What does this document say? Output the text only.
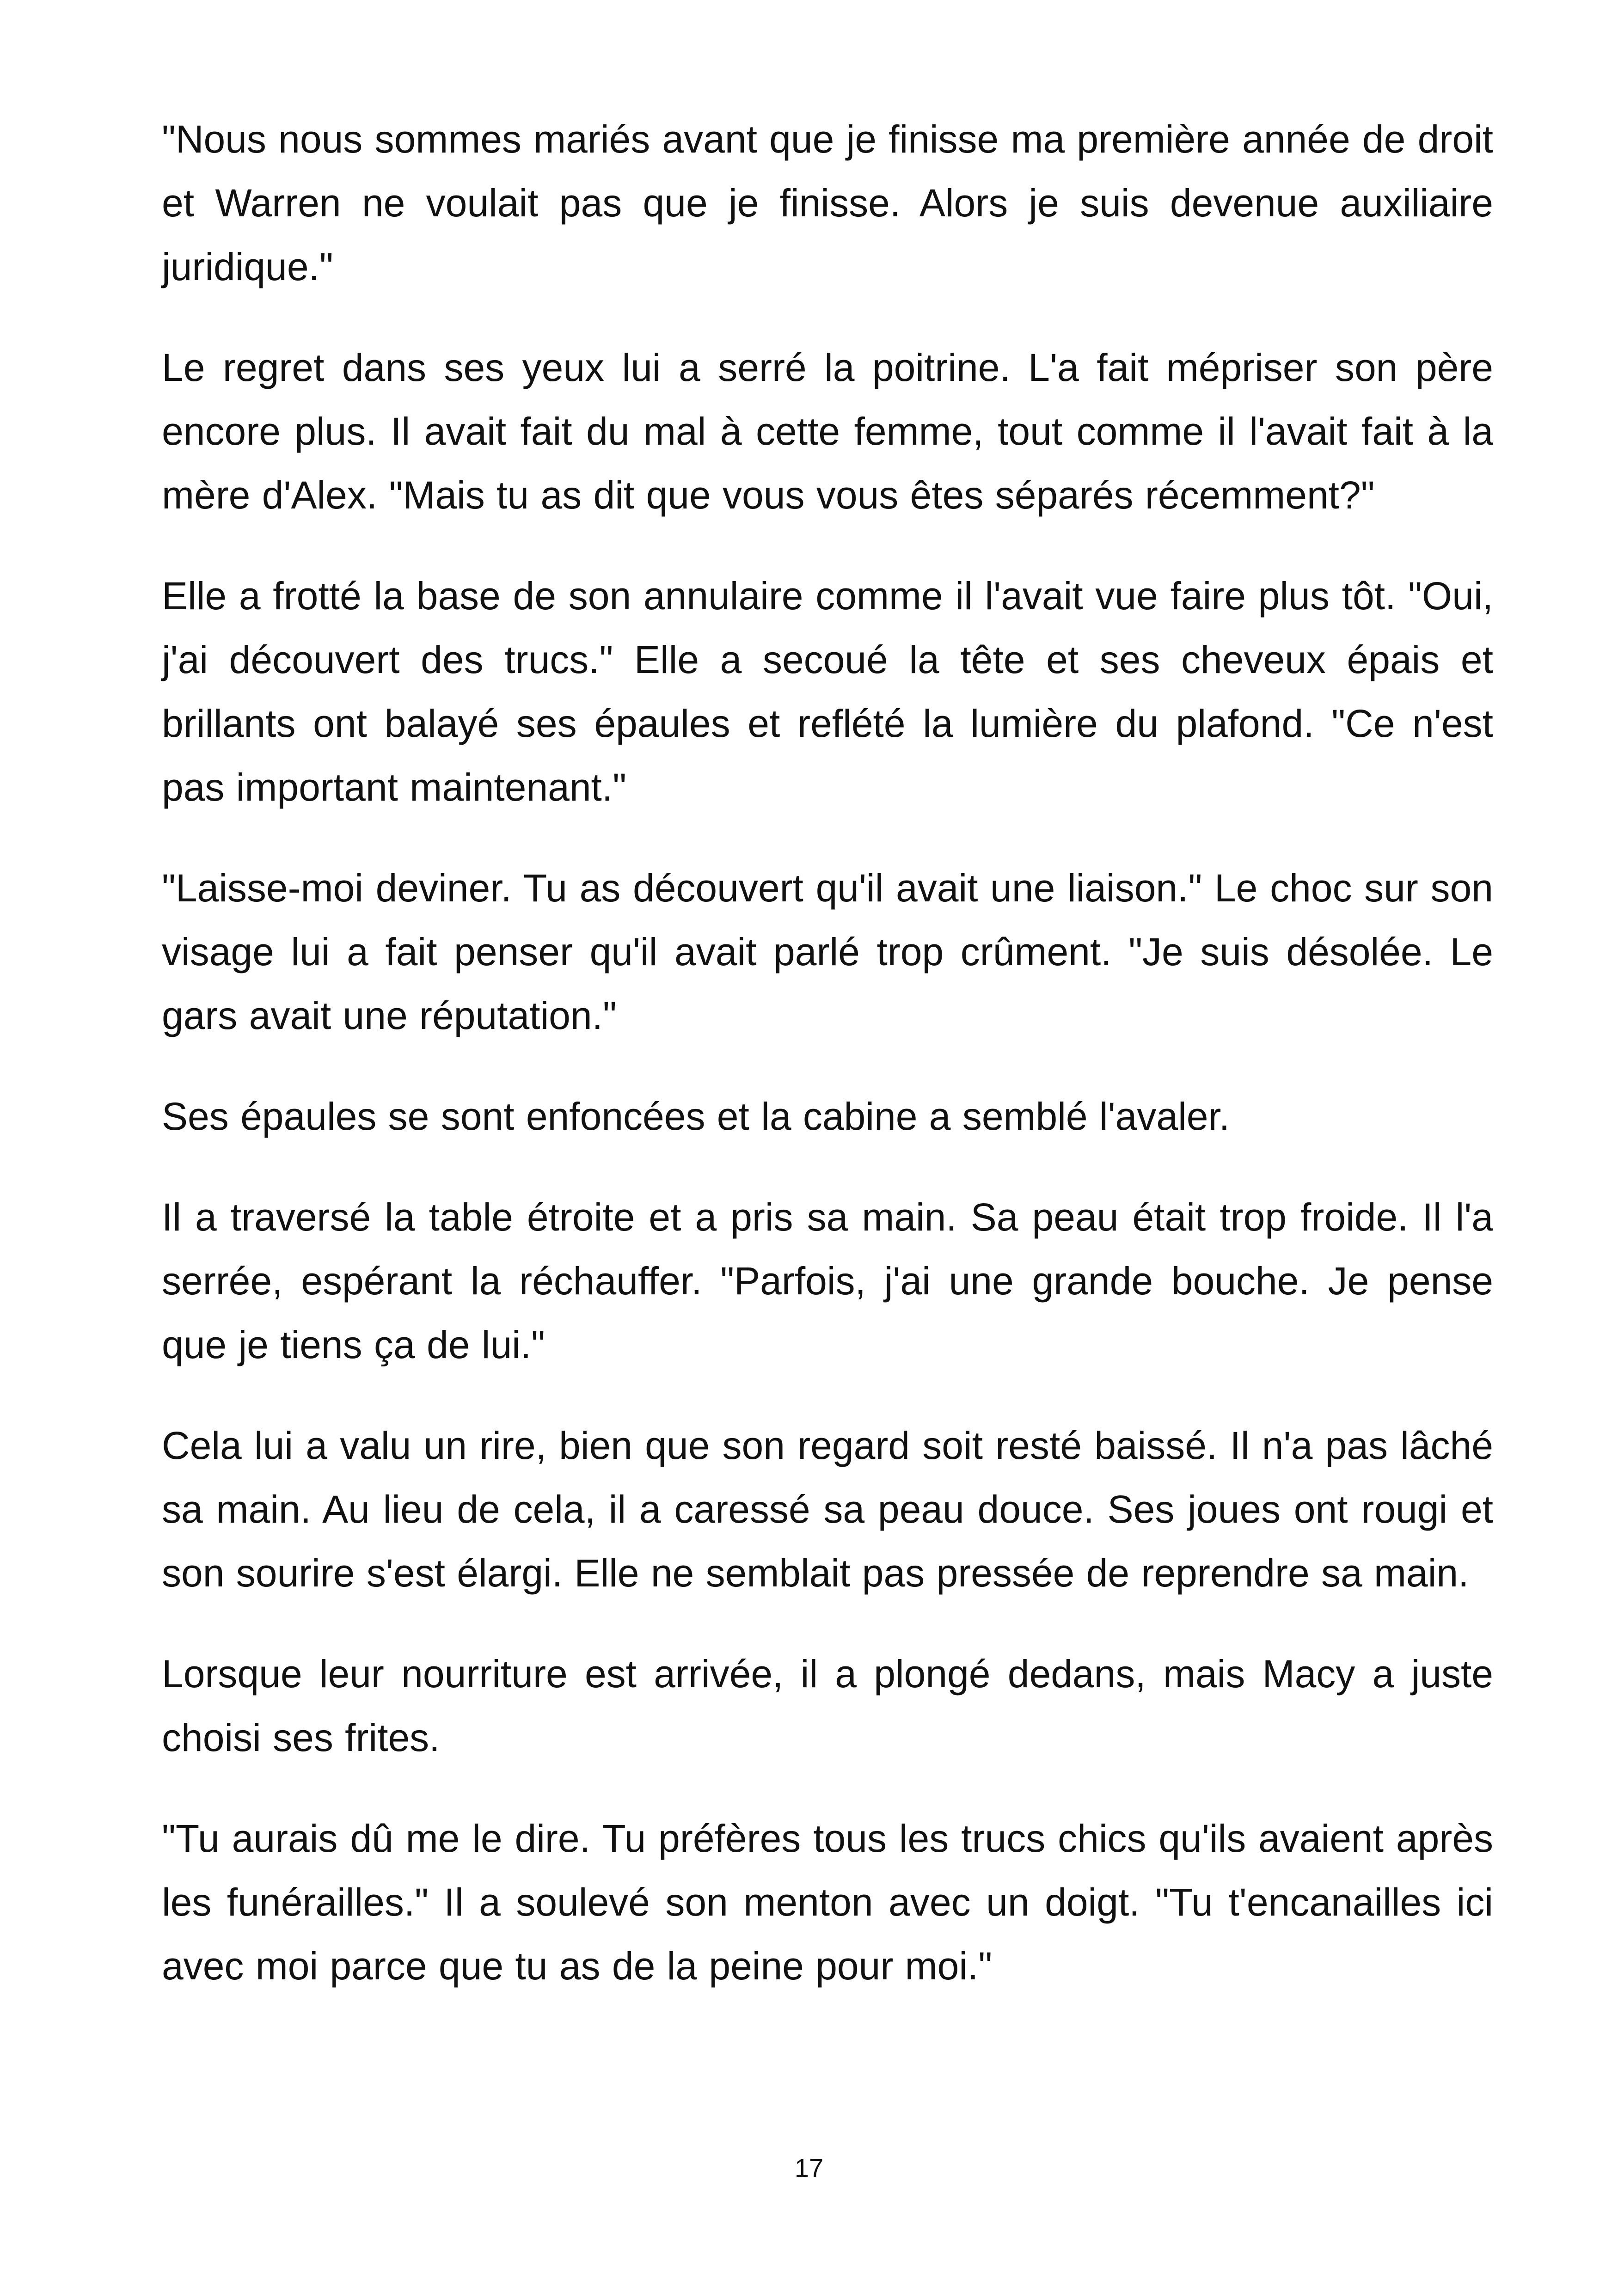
"Nous nous sommes mariés avant que je finisse ma première année de droit et Warren ne voulait pas que je finisse. Alors je suis devenue auxiliaire juridique."

Le regret dans ses yeux lui a serré la poitrine. L'a fait mépriser son père encore plus. Il avait fait du mal à cette femme, tout comme il l'avait fait à la mère d'Alex. "Mais tu as dit que vous vous êtes séparés récemment?"

Elle a frotté la base de son annulaire comme il l'avait vue faire plus tôt. "Oui, j'ai découvert des trucs." Elle a secoué la tête et ses cheveux épais et brillants ont balayé ses épaules et reflété la lumière du plafond. "Ce n'est pas important maintenant."

"Laisse-moi deviner. Tu as découvert qu'il avait une liaison." Le choc sur son visage lui a fait penser qu'il avait parlé trop crûment. "Je suis désolée. Le gars avait une réputation."

Ses épaules se sont enfoncées et la cabine a semblé l'avaler.

Il a traversé la table étroite et a pris sa main. Sa peau était trop froide. Il l'a serrée, espérant la réchauffer. "Parfois, j'ai une grande bouche. Je pense que je tiens ça de lui."

Cela lui a valu un rire, bien que son regard soit resté baissé. Il n'a pas lâché sa main. Au lieu de cela, il a caressé sa peau douce. Ses joues ont rougi et son sourire s'est élargi. Elle ne semblait pas pressée de reprendre sa main.

Lorsque leur nourriture est arrivée, il a plongé dedans, mais Macy a juste choisi ses frites.

"Tu aurais dû me le dire. Tu préfères tous les trucs chics qu'ils avaient après les funérailles." Il a soulevé son menton avec un doigt. "Tu t'encanailles ici avec moi parce que tu as de la peine pour moi."

17
